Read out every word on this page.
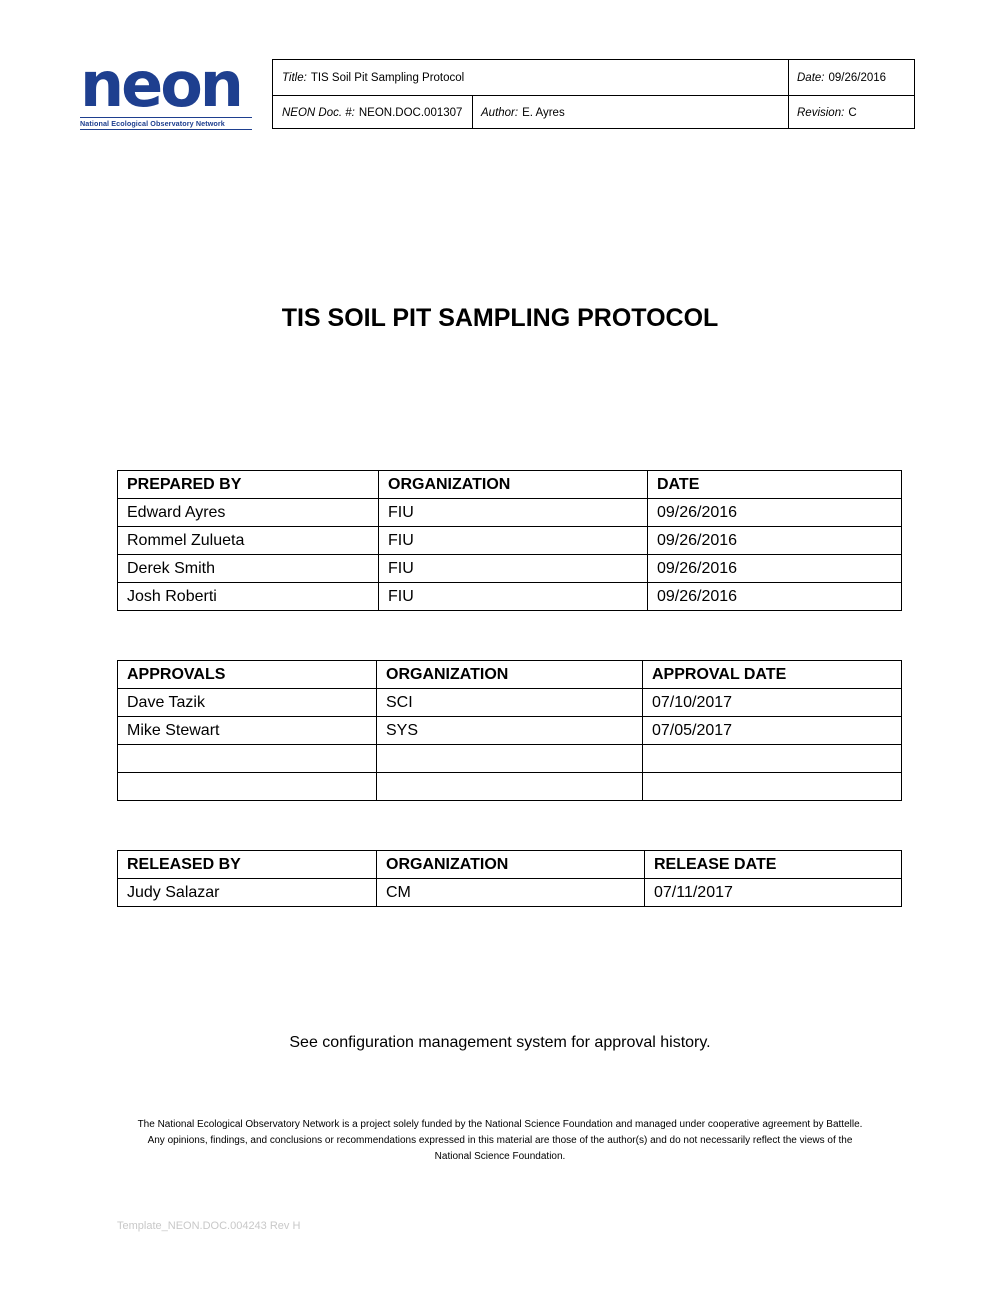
neon
National Ecological Observatory Network
Title: TIS Soil Pit Sampling Protocol	Date: 09/26/2016
NEON Doc. #: NEON.DOC.001307 Author: E. Ayres	Revision: C
TIS SOIL PIT SAMPLING PROTOCOL
PREPARED BY	ORGANIZATION	DATE
Edward Ayres	FIU	09/26/2016
Rommel Zulueta	FIU	09/26/2016
Derek Smith	FIU	09/26/2016
Josh Roberti	FIU	09/26/2016
APPROVALS	ORGANIZATION	APPROVAL DATE
Dave Tazik	SCI	07/10/2017
Mike Stewart	SYS	07/05/2017

RELEASED BY	ORGANIZATION	RELEASE DATE
Judy Salazar	CM	07/11/2017
See configuration management system for approval history.
The National Ecological Observatory Network is a project solely funded by the National Science Foundation and managed under cooperative agreement by Battelle.
Any opinions, findings, and conclusions or recommendations expressed in this material are those of the author(s) and do not necessarily reflect the views of the
National Science Foundation.
Template_NEON.DOC.004243 Rev H
